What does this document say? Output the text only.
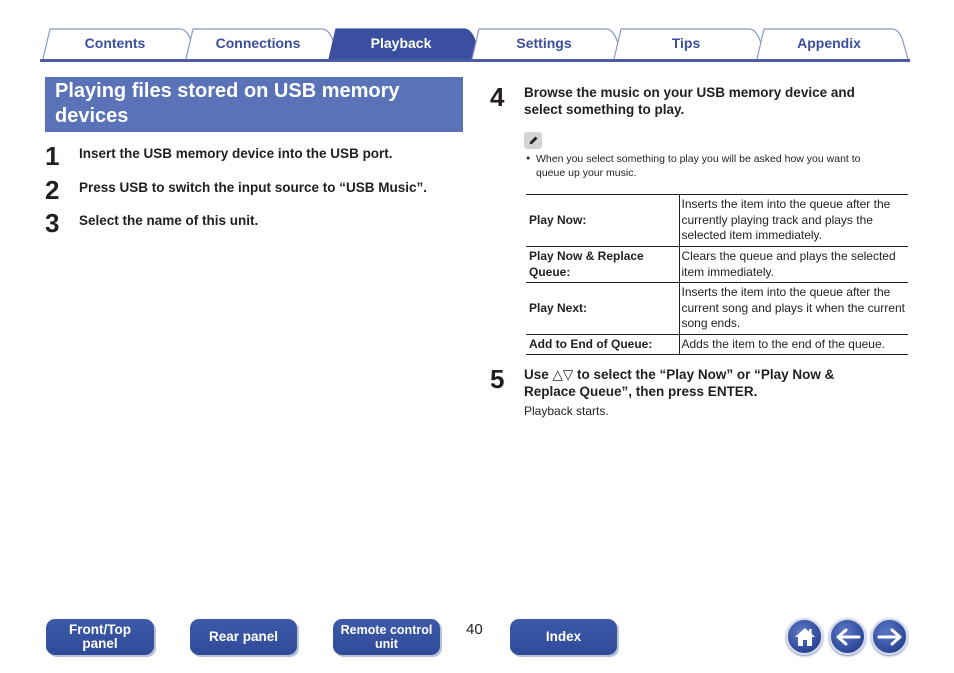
Contents	Connections	Playback	Settings	Tips	Appendix
Playing files stored on USB memory devices
1	Insert the USB memory device into the USB port.
2	Press USB to switch the input source to “USB Music”.
3	Select the name of this unit.
4	Browse the music on your USB memory device and select something to play.
● When you select something to play you will be asked how you want to
queue up your music.
Play Now:	Inserts the item into the queue after the currently playing track and plays the selected item immediately.
Play Now & Replace Queue:	Clears the queue and plays the selected item immediately.
Play Next:	Inserts the item into the queue after the current song and plays it when the current song ends.
Add to End of Queue:	Adds the item to the end of the queue.
5	Use △▽ to select the “Play Now” or “Play Now & Replace Queue”, then press ENTER.
Playback starts.
Front/Top panel	Rear panel	Remote control unit
40	Index
